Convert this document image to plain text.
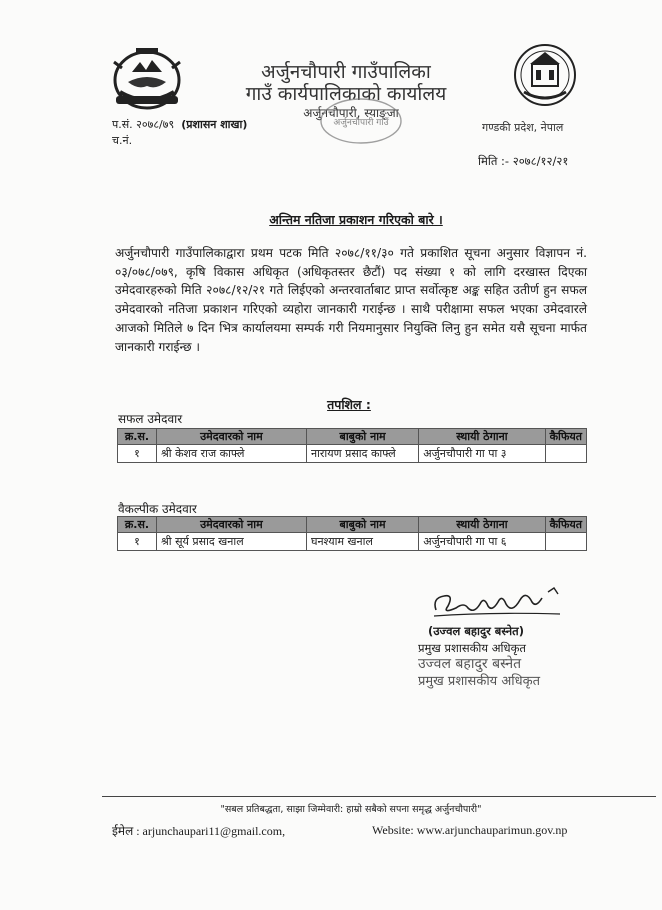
अर्जुनचौपारी गाउँपालिका
गाउँ कार्यपालिकाको कार्यालय
अर्जुनचौपारी, स्याङ्जा
अर्जुनचौपारी गाउँ
प.सं. २०७८/७९ (प्रशासन शाखा)
च.नं.
गण्डकी प्रदेश, नेपाल
मिति :- २०७८/१२/२१
अन्तिम नतिजा प्रकाशन गरिएको बारे ।
अर्जुनचौपारी गाउँपालिकाद्वारा प्रथम पटक मिति २०७८/११/३० गते प्रकाशित सूचना अनुसार विज्ञापन नं. ०३/०७८/०७९, कृषि विकास अधिकृत (अधिकृतस्तर छैटौं) पद संख्या १ को लागि दरखास्त दिएका उमेदवारहरुको मिति २०७८/१२/२१ गते लिईएको अन्तरवार्ताबाट प्राप्त सर्वोत्कृष्ट अङ्क सहित उतीर्ण हुन सफल उमेदवारको नतिजा प्रकाशन गरिएको व्यहोरा जानकारी गराईन्छ । साथै परीक्षामा सफल भएका उमेदवारले आजको मितिले ७ दिन भित्र कार्यालयमा सम्पर्क गरी नियमानुसार नियुक्ति लिनु हुन समेत यसै सूचना मार्फत जानकारी गराईन्छ ।
तपशिल :
सफल उमेदवार
क्र.स.	उमेदवारको नाम	बाबुको नाम	स्थायी ठेगाना	कैफियत
१	श्री केशव राज काफ्ले	नारायण प्रसाद काफ्ले	अर्जुनचौपारी गा पा ३	
वैकल्पीक उमेदवार
क्र.स.	उमेदवारको नाम	बाबुको नाम	स्थायी ठेगाना	कैफियत
१	श्री सूर्य प्रसाद खनाल	घनश्याम खनाल	अर्जुनचौपारी गा पा ६	
(उज्वल बहादुर बस्नेत)
प्रमुख प्रशासकीय अधिकृत
उज्वल बहादुर बस्नेत
प्रमुख प्रशासकीय अधिकृत
"सबल प्रतिबद्धता, साझा जिम्मेवारी: हाम्रो सबैको सपना समृद्ध अर्जुनचौपारी"
ईमेल : arjunchaupari11@gmail.com,	Website: www.arjunchauparimun.gov.np
